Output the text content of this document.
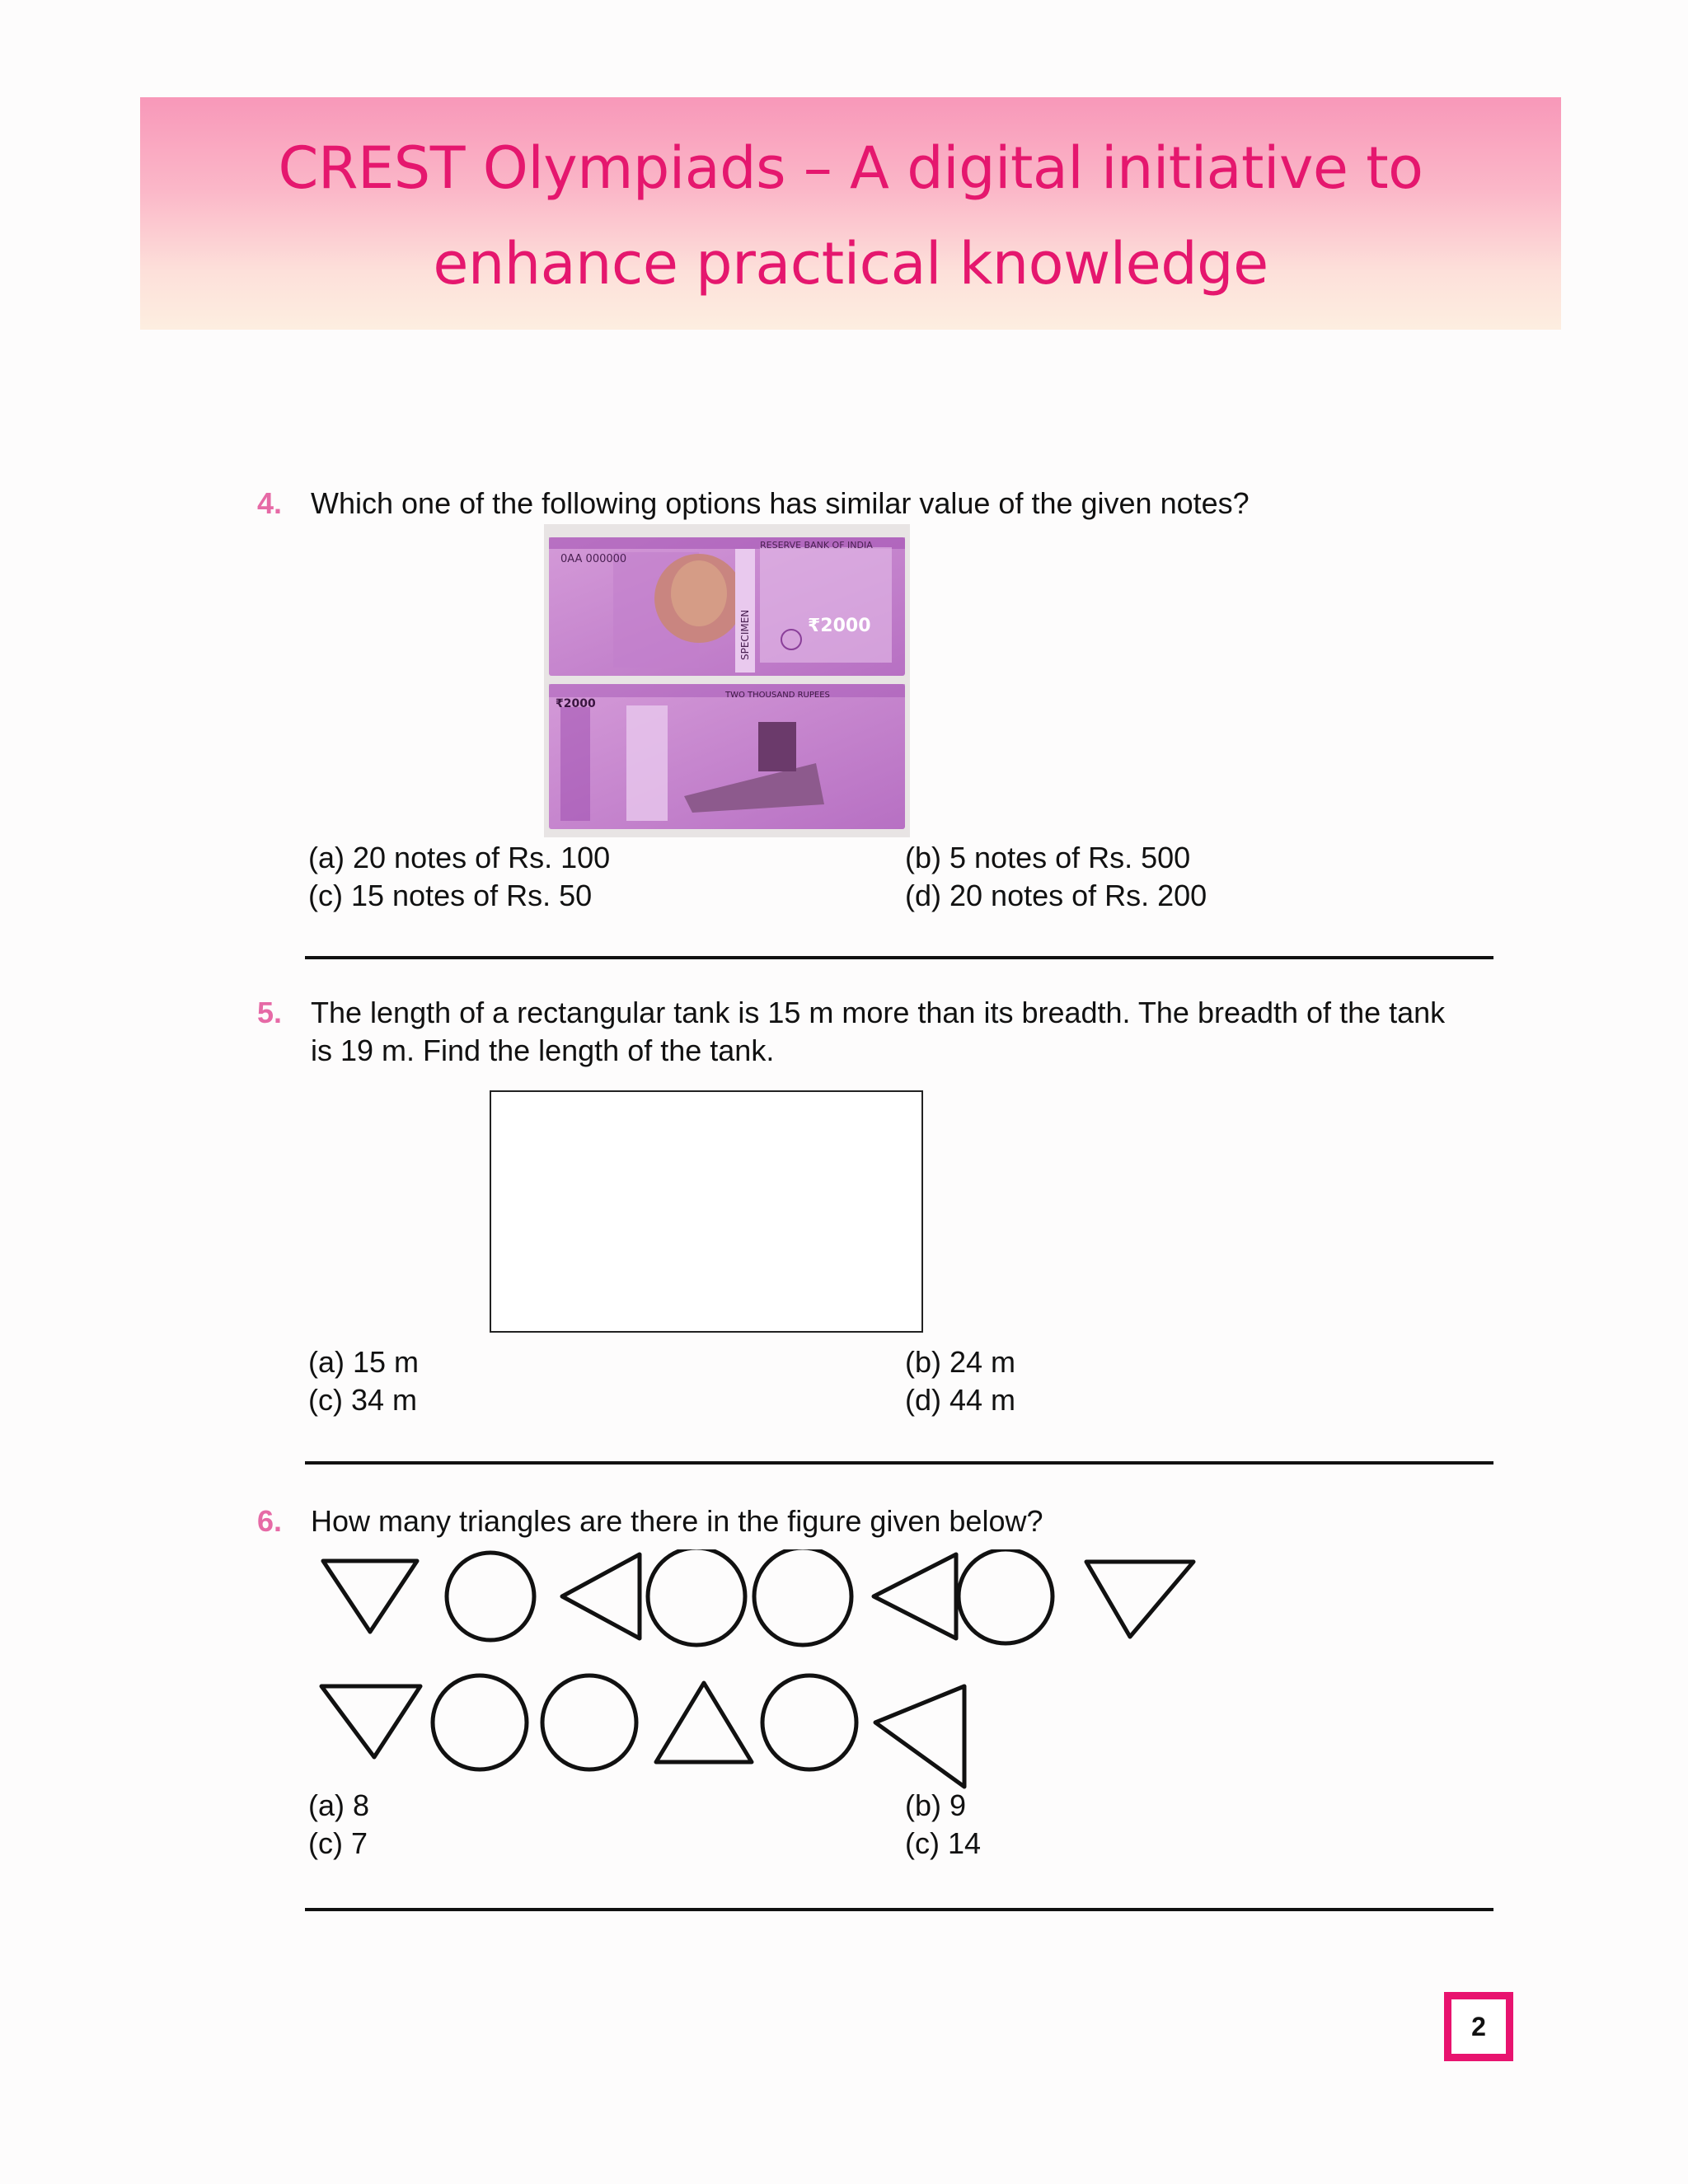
CREST Olympiads – A digital initiative to
enhance practical knowledge
4. Which one of the following options has similar value of the given notes?
0AA 000000
RESERVE BANK OF INDIA
₹2000
SPECIMEN
₹2000
TWO THOUSAND RUPEES
(a) 20 notes of Rs. 100	(b) 5 notes of Rs. 500
(c) 15 notes of Rs. 50	(d) 20 notes of Rs. 200
5. The length of a rectangular tank is 15 m more than its breadth. The breadth of the tank
is 19 m. Find the length of the tank.
(a) 15 m	(b) 24 m
(c) 34 m	(d) 44 m
6. How many triangles are there in the figure given below?
(a) 8	(b) 9
(c) 7	(c) 14
2
